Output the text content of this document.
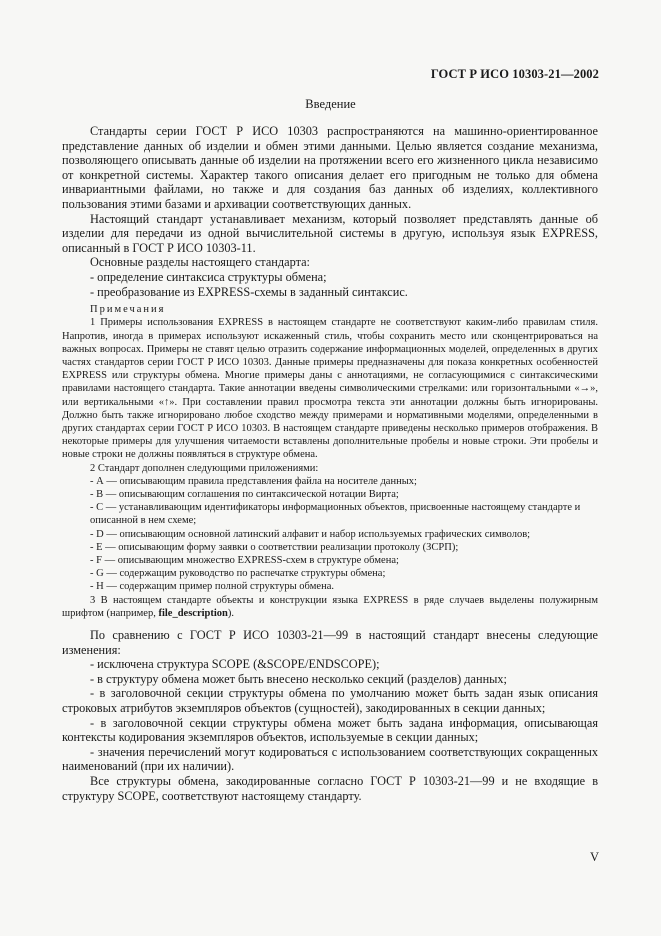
ГОСТ Р ИСО 10303-21—2002
Введение

Стандарты серии ГОСТ Р ИСО 10303 распространяются на машинно-ориентированное представление данных об изделии и обмен этими данными. Целью является создание механизма, позволяющего описывать данные об изделии на протяжении всего его жизненного цикла независимо от конкретной системы. Характер такого описания делает его пригодным не только для обмена инвариантными файлами, но также и для создания баз данных об изделиях, коллективного пользования этими базами и архивации соответствующих данных.

Настоящий стандарт устанавливает механизм, который позволяет представлять данные об изделии для передачи из одной вычислительной системы в другую, используя язык EXPRESS, описанный в ГОСТ Р ИСО 10303-11.

Основные разделы настоящего стандарта:

- определение синтаксиса структуры обмена;

- преобразование из EXPRESS-схемы в заданный синтаксис.

Примечания

1 Примеры использования EXPRESS в настоящем стандарте не соответствуют каким-либо правилам стиля. Напротив, иногда в примерах используют искаженный стиль, чтобы сохранить место или сконцентрироваться на важных вопросах. Примеры не ставят целью отразить содержание информационных моделей, определенных в других частях стандартов серии ГОСТ Р ИСО 10303. Данные примеры предназначены для показа конкретных особенностей EXPRESS или структуры обмена. Многие примеры даны с аннотациями, не согласующимися с синтаксическими правилами настоящего стандарта. Такие аннотации введены символическими стрелками: или горизонтальными «→», или вертикальными «↑». При составлении правил просмотра текста эти аннотации должны быть игнорированы. Должно быть также игнорировано любое сходство между примерами и нормативными моделями, определенными в других стандартах серии ГОСТ Р ИСО 10303. В настоящем стандарте приведены несколько примеров отображения. В некоторые примеры для улучшения читаемости вставлены дополнительные пробелы и новые строки. Эти пробелы и новые строки не должны появляться в структуре обмена.

2 Стандарт дополнен следующими приложениями:

- А — описывающим правила представления файла на носителе данных;

- В — описывающим соглашения по синтаксической нотации Вирта;

- С — устанавливающим идентификаторы информационных объектов, присвоенные настоящему стандарте и описанной в нем схеме;

- D — описывающим основной латинский алфавит и набор используемых графических символов;

- Е — описывающим форму заявки о соответствии реализации протоколу (ЗСРП);

- F — описывающим множество EXPRESS-схем в структуре обмена;

- G — содержащим руководство по распечатке структуры обмена;

- Н — содержащим пример полной структуры обмена.

3 В настоящем стандарте объекты и конструкции языка EXPRESS в ряде случаев выделены полужирным шрифтом (например, file_description).

По сравнению с ГОСТ Р ИСО 10303-21—99 в настоящий стандарт внесены следующие изменения:

- исключена структура SCOPE (&SCOPE/ENDSCOPE);

- в структуру обмена может быть внесено несколько секций (разделов) данных;

- в заголовочной секции структуры обмена по умолчанию может быть задан язык описания строковых атрибутов экземпляров объектов (сущностей), закодированных в секции данных;

- в заголовочной секции структуры обмена может быть задана информация, описывающая контексты кодирования экземпляров объектов, используемые в секции данных;

- значения перечислений могут кодироваться с использованием соответствующих сокращенных наименований (при их наличии).

Все структуры обмена, закодированные согласно ГОСТ Р 10303-21—99 и не входящие в структуру SCOPE, соответствуют настоящему стандарту.

V
